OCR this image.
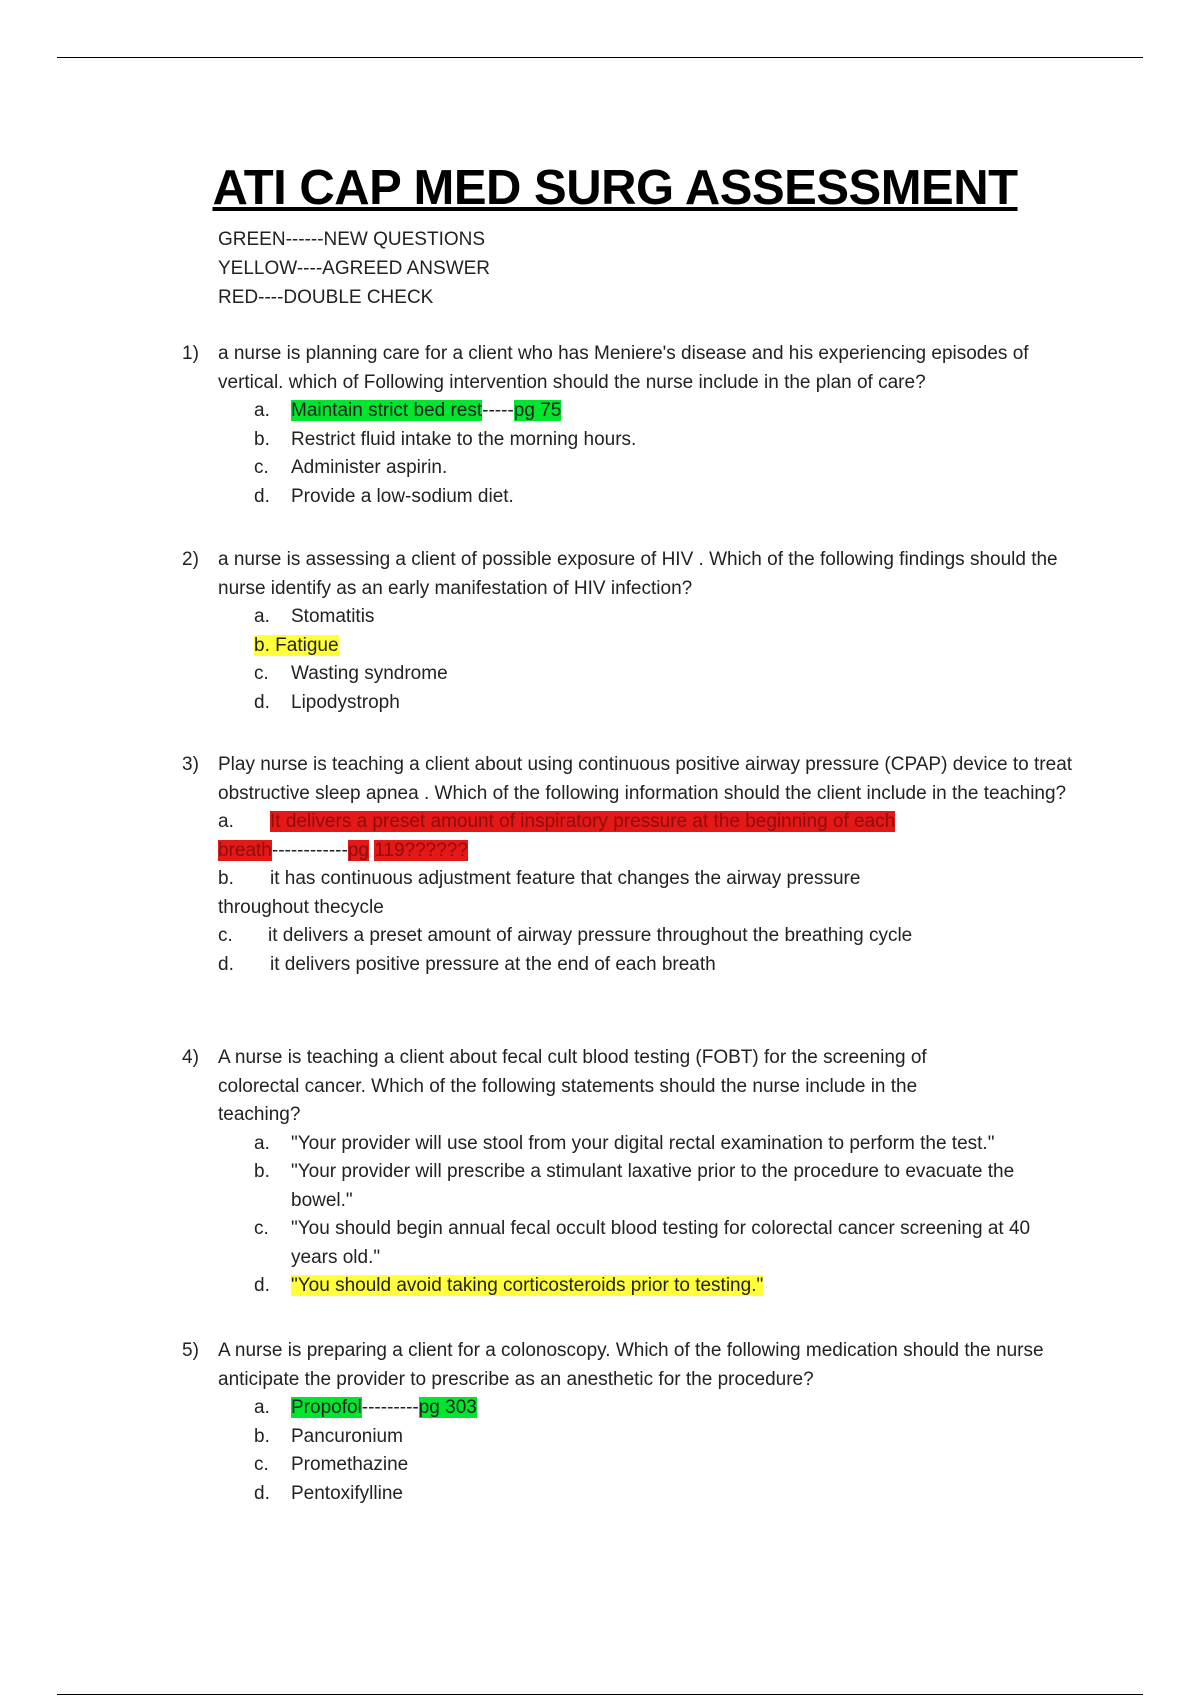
ATI CAP MED SURG ASSESSMENT
GREEN------NEW QUESTIONS
YELLOW----AGREED ANSWER
RED----DOUBLE CHECK
1) a nurse is planning care for a client who has Meniere's disease and his experiencing episodes of vertical. which of Following intervention should the nurse include in the plan of care?
a. Maintain strict bed rest-----pg 75
b. Restrict fluid intake to the morning hours.
c. Administer aspirin.
d. Provide a low-sodium diet.
2) a nurse is assessing a client of possible exposure of HIV . Which of the following findings should the nurse identify as an early manifestation of HIV infection?
a. Stomatitis
b. Fatigue
c. Wasting syndrome
d. Lipodystroph
3) Play nurse is teaching a client about using continuous positive airway pressure (CPAP) device to treat obstructive sleep apnea . Which of the following information should the client include in the teaching?
a. It delivers a preset amount of inspiratory pressure at the beginning of each
breath------------pg 119??????
b. it has continuous adjustment feature that changes the airway pressure
throughout thecycle
c. it delivers a preset amount of airway pressure throughout the breathing cycle
d. it delivers positive pressure at the end of each breath
4) A nurse is teaching a client about fecal cult blood testing (FOBT) for the screening of colorectal cancer. Which of the following statements should the nurse include in the teaching?
a. "Your provider will use stool from your digital rectal examination to perform the test."
b. "Your provider will prescribe a stimulant laxative prior to the procedure to evacuate the bowel."
c. "You should begin annual fecal occult blood testing for colorectal cancer screening at 40 years old."
d. "You should avoid taking corticosteroids prior to testing."
5) A nurse is preparing a client for a colonoscopy. Which of the following medication should the nurse anticipate the provider to prescribe as an anesthetic for the procedure?
a. Propofol---------pg 303
b. Pancuronium
c. Promethazine
d. Pentoxifylline
